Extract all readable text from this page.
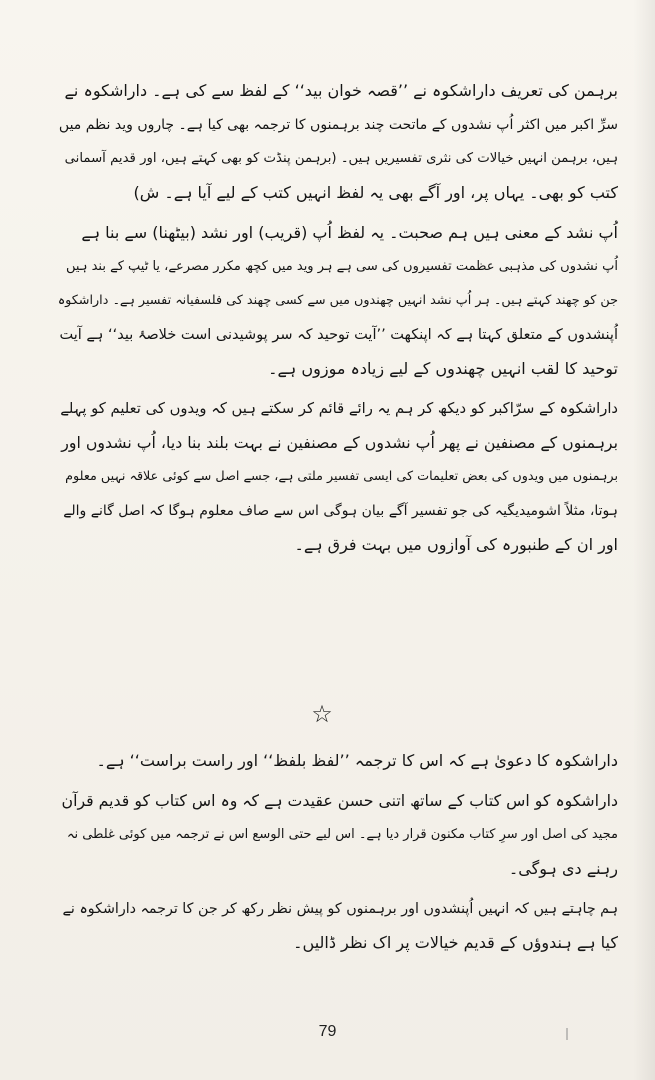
برہمن کی تعریف داراشکوہ نے ’’قصہ خوان بید‘‘ کے لفظ سے کی ہے۔ داراشکوہ نے
سرِّ اکبر میں اکثر اُپ نشدوں کے ماتحت چند برہمنوں کا ترجمہ بھی کیا ہے۔ چاروں وید نظم میں
ہیں، برہمن انہیں خیالات کی نثری تفسیریں ہیں۔ (برہمن پنڈت کو بھی کہتے ہیں، اور قدیم آسمانی
کتب کو بھی۔ یہاں پر، اور آگے بھی یہ لفظ انہیں کتب کے لیے آیا ہے۔ ش)
اُپ نشد کے معنی ہیں ہم صحبت۔ یہ لفظ اُپ (قریب) اور نشد (بیٹھنا) سے بنا ہے
اُپ نشدوں کی مذہبی عظمت تفسیروں کی سی ہے ہر وید میں کچھ مکرر مصرعے، یا ٹیپ کے بند ہیں
جن کو چھند کہتے ہیں۔ ہر اُپ نشد انہیں چھندوں میں سے کسی چھند کی فلسفیانہ تفسیر ہے۔ داراشکوہ
اُپنشدوں کے متعلق کہتا ہے کہ اپنکھت ’’آیت توحید کہ سر پوشیدنی است خلاصۂ بید‘‘ ہے آیت
توحید کا لقب انہیں چھندوں کے لیے زیادہ موزوں ہے۔
داراشکوہ کے سرّاکبر کو دیکھ کر ہم یہ رائے قائم کر سکتے ہیں کہ ویدوں کی تعلیم کو پہلے
برہمنوں کے مصنفین نے پھر اُپ نشدوں کے مصنفین نے بہت بلند بنا دیا، اُپ نشدوں اور
برہمنوں میں ویدوں کی بعض تعلیمات کی ایسی تفسیر ملتی ہے، جسے اصل سے کوئی علاقہ نہیں معلوم
ہوتا، مثلاً اشومیدیگیہ کی جو تفسیر آگے بیان ہوگی اس سے صاف معلوم ہوگا کہ اصل گانے والے
اور ان کے طنبورہ کی آوازوں میں بہت فرق ہے۔
☆
داراشکوہ کا دعویٰ ہے کہ اس کا ترجمہ ’’لفظ بلفظ‘‘ اور راست براست‘‘ ہے۔
داراشکوہ کو اس کتاب کے ساتھ اتنی حسن عقیدت ہے کہ وہ اس کتاب کو قدیم قرآن
مجید کی اصل اور سرِ کتاب مکنون قرار دیا ہے۔ اس لیے حتی الوسع اس نے ترجمہ میں کوئی غلطی نہ
رہنے دی ہوگی۔
ہم چاہتے ہیں کہ انہیں اُپنشدوں اور برہمنوں کو پیش نظر رکھ کر جن کا ترجمہ داراشکوہ نے
کیا ہے ہندوؤں کے قدیم خیالات پر اک نظر ڈالیں۔
79
